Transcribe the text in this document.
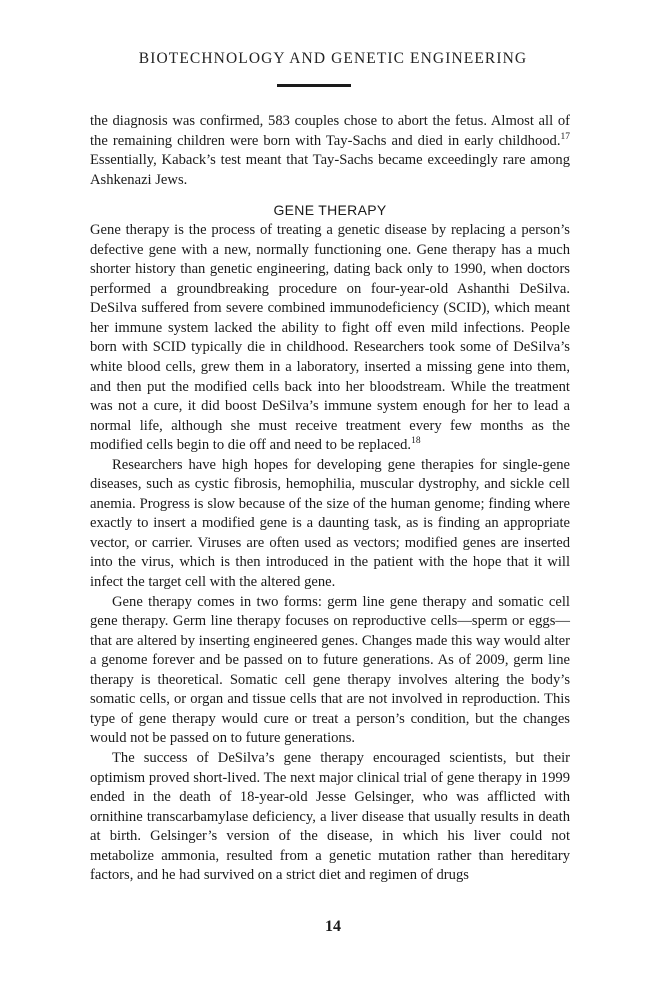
BIOTECHNOLOGY AND GENETIC ENGINEERING

the diagnosis was confirmed, 583 couples chose to abort the fetus. Almost all of the remaining children were born with Tay-Sachs and died in early childhood.$^{17}$ Essentially, Kaback’s test meant that Tay-Sachs became exceedingly rare among Ashkenazi Jews.

GENE THERAPY

Gene therapy is the process of treating a genetic disease by replacing a person’s defective gene with a new, normally functioning one. Gene therapy has a much shorter history than genetic engineering, dating back only to 1990, when doctors performed a groundbreaking procedure on four-year-old Ashanthi DeSilva. DeSilva suffered from severe combined immunodeficiency (SCID), which meant her immune system lacked the ability to fight off even mild infections. People born with SCID typically die in childhood. Researchers took some of DeSilva’s white blood cells, grew them in a laboratory, inserted a missing gene into them, and then put the modified cells back into her bloodstream. While the treatment was not a cure, it did boost DeSilva’s immune system enough for her to lead a normal life, although she must receive treatment every few months as the modified cells begin to die off and need to be replaced.$^{18}$

Researchers have high hopes for developing gene therapies for single-gene diseases, such as cystic fibrosis, hemophilia, muscular dystrophy, and sickle cell anemia. Progress is slow because of the size of the human genome; finding where exactly to insert a modified gene is a daunting task, as is finding an appropriate vector, or carrier. Viruses are often used as vectors; modified genes are inserted into the virus, which is then introduced in the patient with the hope that it will infect the target cell with the altered gene.

Gene therapy comes in two forms: germ line gene therapy and somatic cell gene therapy. Germ line therapy focuses on reproductive cells—sperm or eggs—that are altered by inserting engineered genes. Changes made this way would alter a genome forever and be passed on to future generations. As of 2009, germ line therapy is theoretical. Somatic cell gene therapy involves altering the body’s somatic cells, or organ and tissue cells that are not involved in reproduction. This type of gene therapy would cure or treat a person’s condition, but the changes would not be passed on to future generations.

The success of DeSilva’s gene therapy encouraged scientists, but their optimism proved short-lived. The next major clinical trial of gene therapy in 1999 ended in the death of 18-year-old Jesse Gelsinger, who was afflicted with ornithine transcarbamylase deficiency, a liver disease that usually results in death at birth. Gelsinger’s version of the disease, in which his liver could not metabolize ammonia, resulted from a genetic mutation rather than hereditary factors, and he had survived on a strict diet and regimen of drugs

14
